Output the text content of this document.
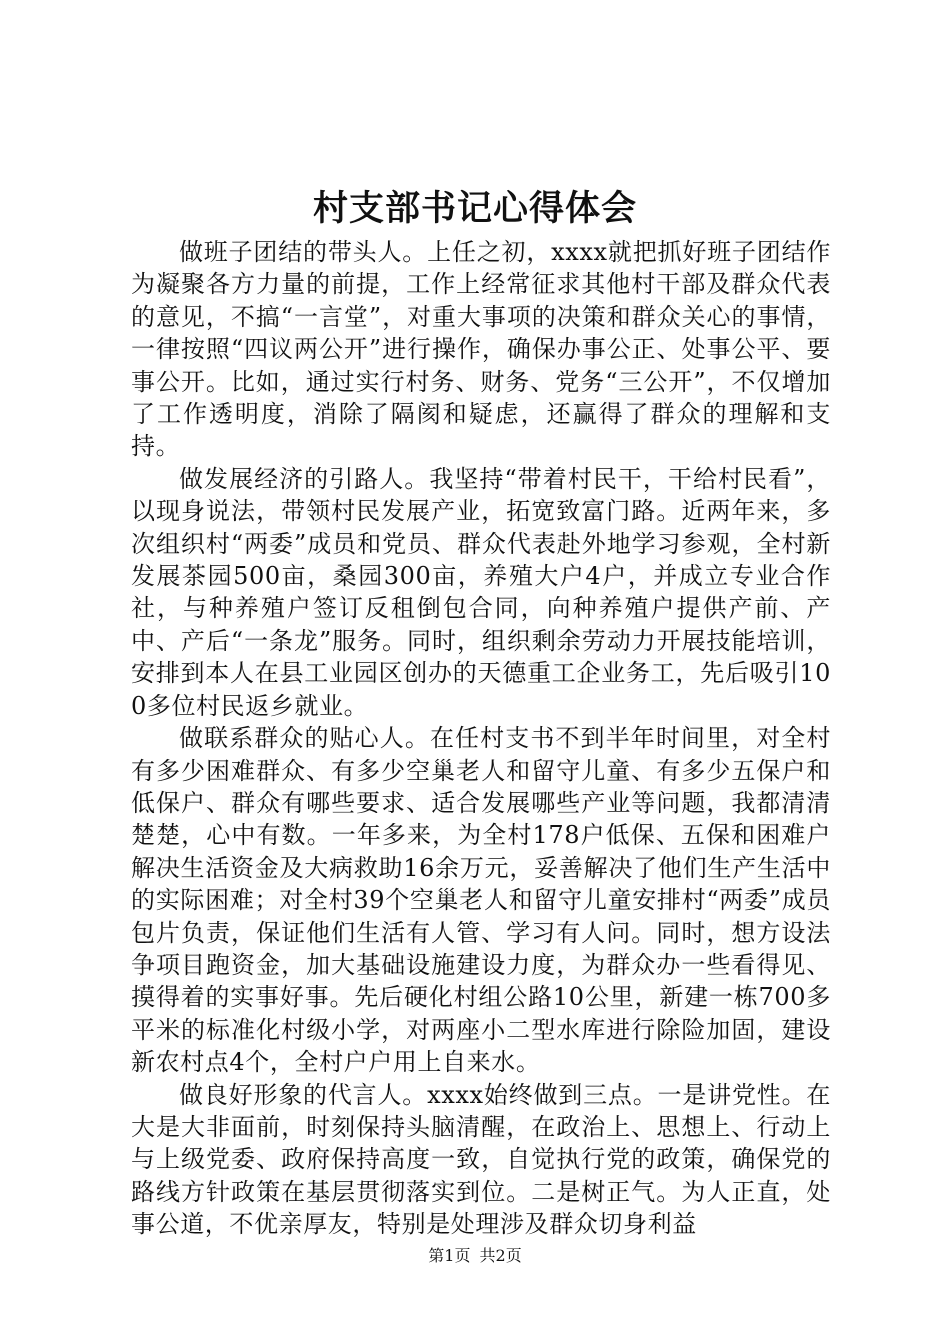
村支部书记心得体会

做班子团结的带头人。上任之初，xxxx就把抓好班子团结作为凝聚各方力量的前提，工作上经常征求其他村干部及群众代表的意见，不搞“一言堂”，对重大事项的决策和群众关心的事情，一律按照“四议两公开”进行操作，确保办事公正、处事公平、要事公开。比如，通过实行村务、财务、党务“三公开”，不仅增加了工作透明度，消除了隔阂和疑虑，还赢得了群众的理解和支持。

做发展经济的引路人。我坚持“带着村民干，干给村民看”，以现身说法，带领村民发展产业，拓宽致富门路。近两年来，多次组织村“两委”成员和党员、群众代表赴外地学习参观，全村新发展茶园500亩，桑园300亩，养殖大户4户，并成立专业合作社，与种养殖户签订反租倒包合同，向种养殖户提供产前、产中、产后“一条龙”服务。同时，组织剩余劳动力开展技能培训，安排到本人在县工业园区创办的天德重工企业务工，先后吸引100多位村民返乡就业。

做联系群众的贴心人。在任村支书不到半年时间里，对全村有多少困难群众、有多少空巢老人和留守儿童、有多少五保户和低保户、群众有哪些要求、适合发展哪些产业等问题，我都清清楚楚，心中有数。一年多来，为全村178户低保、五保和困难户解决生活资金及大病救助16余万元，妥善解决了他们生产生活中的实际困难；对全村39个空巢老人和留守儿童安排村“两委”成员包片负责，保证他们生活有人管、学习有人问。同时，想方设法争项目跑资金，加大基础设施建设力度，为群众办一些看得见、摸得着的实事好事。先后硬化村组公路10公里，新建一栋700多平米的标准化村级小学，对两座小二型水库进行除险加固，建设新农村点4个，全村户户用上自来水。

做良好形象的代言人。xxxx始终做到三点。一是讲党性。在大是大非面前，时刻保持头脑清醒，在政治上、思想上、行动上与上级党委、政府保持高度一致，自觉执行党的政策，确保党的路线方针政策在基层贯彻落实到位。二是树正气。为人正直，处事公道，不优亲厚友，特别是处理涉及群众切身利益

第1页 共2页
